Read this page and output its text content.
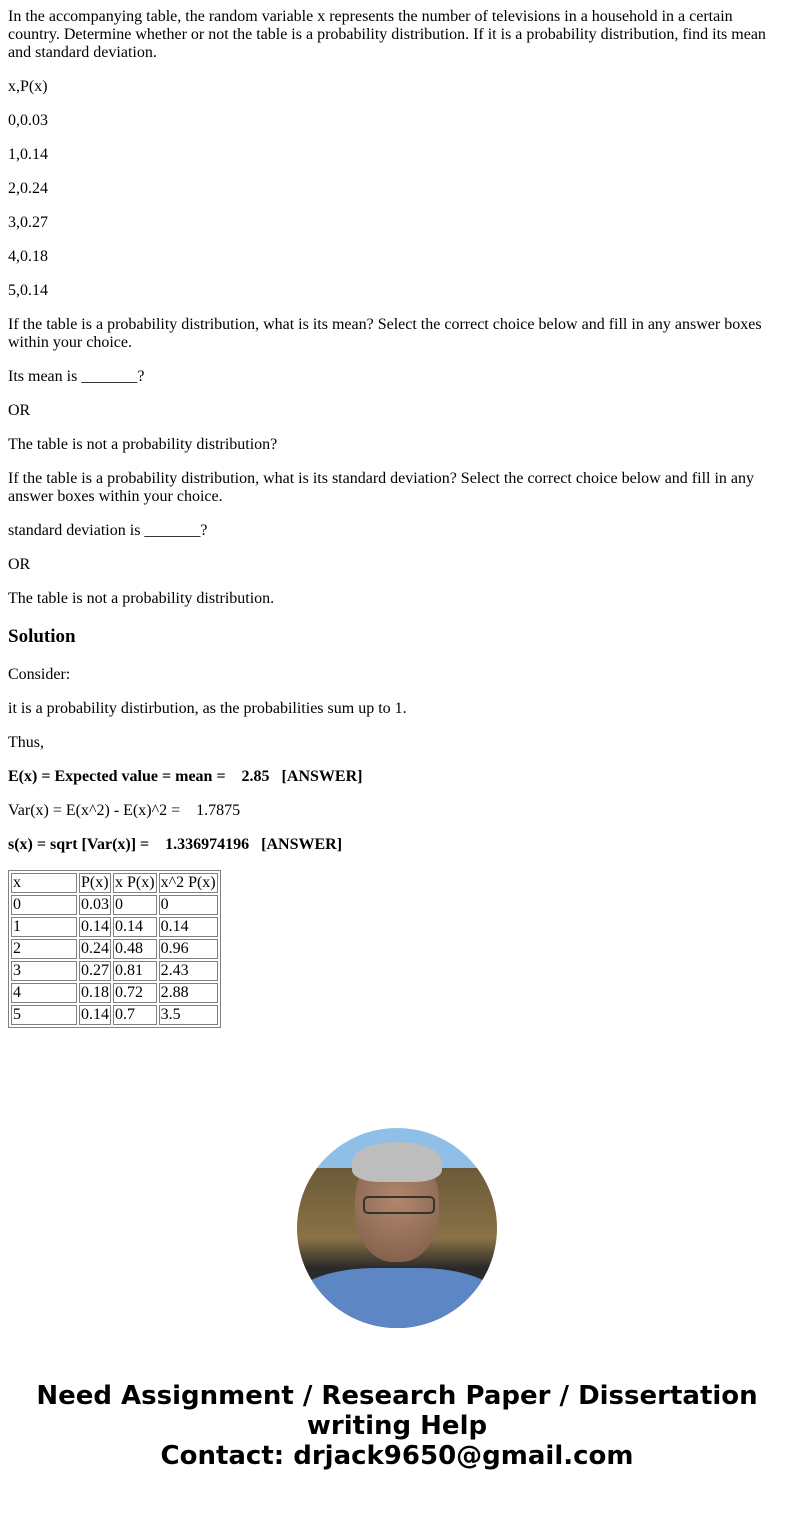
In the accompanying table, the random variable x represents the number of televisions in a household in a certain country. Determine whether or not the table is a probability distribution. If it is a probability distribution, find its mean and standard deviation.

x,P(x)

0,0.03

1,0.14

2,0.24

3,0.27

4,0.18

5,0.14

If the table is a probability distribution, what is its mean? Select the correct choice below and fill in any answer boxes within your choice.

Its mean is _______?

OR

The table is not a probability distribution?

If the table is a probability distribution, what is its standard deviation? Select the correct choice below and fill in any answer boxes within your choice.

standard deviation is _______?

OR

The table is not a probability distribution.

Solution

Consider:

it is a probability distirbution, as the probabilities sum up to 1.

Thus,

E(x) = Expected value = mean =    2.85   [ANSWER]

Var(x) = E(x^2) - E(x)^2 =    1.7875

s(x) = sqrt [Var(x)] =    1.336974196   [ANSWER]

x	P(x)	x P(x)	x^2 P(x)
0	0.03	0	0
1	0.14	0.14	0.14
2	0.24	0.48	0.96
3	0.27	0.81	2.43
4	0.18	0.72	2.88
5	0.14	0.7	3.5
Need Assignment / Research Paper / Dissertation writing Help
Contact: drjack9650@gmail.com
